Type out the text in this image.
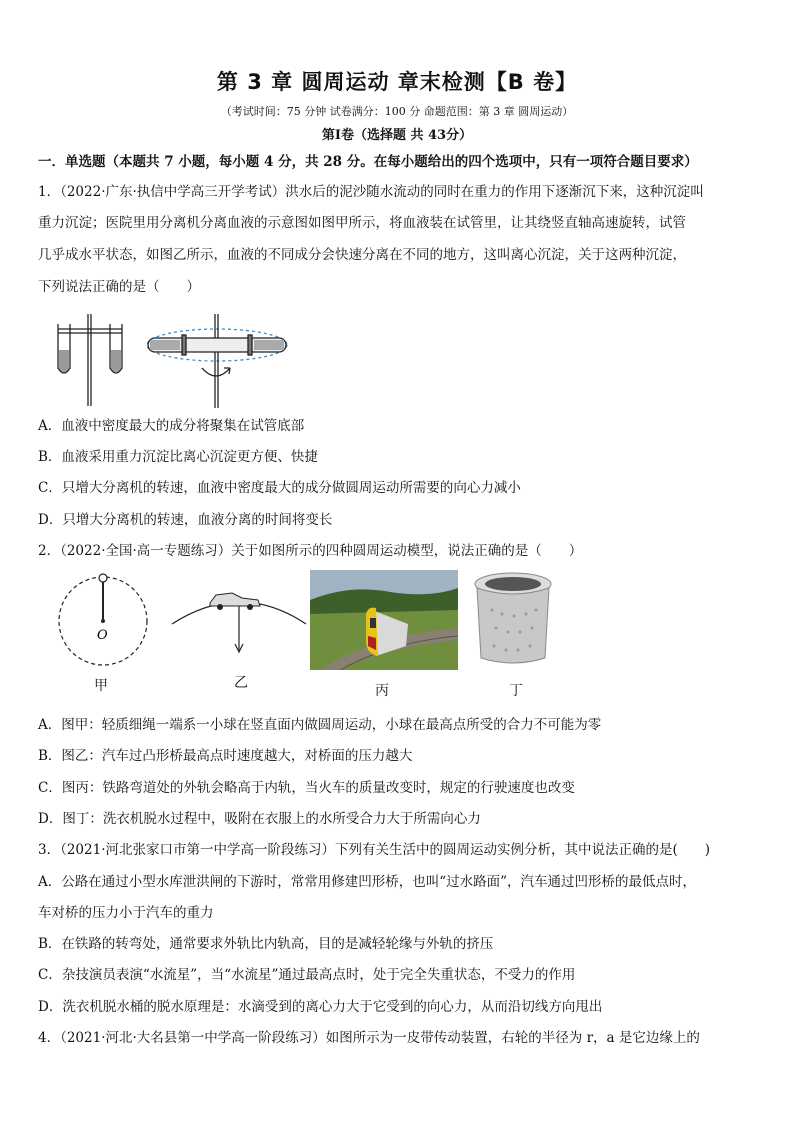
第 3 章 圆周运动 章末检测【B 卷】
（考试时间：75 分钟 试卷满分：100 分 命题范围：第 3 章 圆周运动）
第Ⅰ卷（选择题 共 43分）
一．单选题（本题共 7 小题，每小题 4 分，共 28 分。在每小题给出的四个选项中，只有一项符合题目要求）
1．（2022·广东·执信中学高三开学考试）洪水后的泥沙随水流动的同时在重力的作用下逐渐沉下来，这种沉淀叫
重力沉淀；医院里用分离机分离血液的示意图如图甲所示，将血液装在试管里，让其绕竖直轴高速旋转，试管
几乎成水平状态，如图乙所示，血液的不同成分会快速分离在不同的地方，这叫离心沉淀，关于这两种沉淀，
下列说法正确的是（　　）
A．血液中密度最大的成分将聚集在试管底部
B．血液采用重力沉淀比离心沉淀更方便、快捷
C．只增大分离机的转速，血液中密度最大的成分做圆周运动所需要的向心力减小
D．只增大分离机的转速，血液分离的时间将变长
2．（2022·全国·高一专题练习）关于如图所示的四种圆周运动模型，说法正确的是（　　）
O
甲	乙	丙	丁
A．图甲：轻质细绳一端系一小球在竖直面内做圆周运动，小球在最高点所受的合力不可能为零
B．图乙：汽车过凸形桥最高点时速度越大，对桥面的压力越大
C．图丙：铁路弯道处的外轨会略高于内轨，当火车的质量改变时，规定的行驶速度也改变
D．图丁：洗衣机脱水过程中，吸附在衣服上的水所受合力大于所需向心力
3．（2021·河北张家口市第一中学高一阶段练习）下列有关生活中的圆周运动实例分析，其中说法正确的是(　　)
A．公路在通过小型水库泄洪闸的下游时，常常用修建凹形桥，也叫“过水路面”，汽车通过凹形桥的最低点时，
车对桥的压力小于汽车的重力
B．在铁路的转弯处，通常要求外轨比内轨高，目的是减轻轮缘与外轨的挤压
C．杂技演员表演“水流星”，当“水流星”通过最高点时，处于完全失重状态，不受力的作用
D．洗衣机脱水桶的脱水原理是：水滴受到的离心力大于它受到的向心力，从而沿切线方向甩出
4．（2021·河北·大名县第一中学高一阶段练习）如图所示为一皮带传动装置，右轮的半径为 r，a 是它边缘上的
